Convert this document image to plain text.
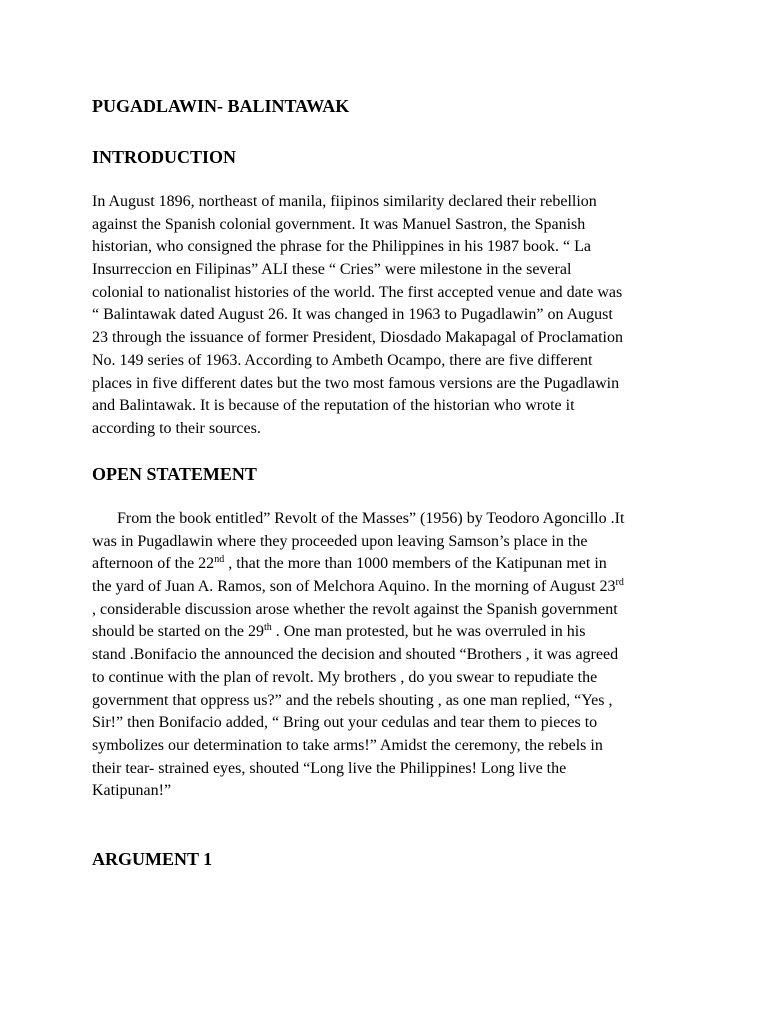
PUGADLAWIN- BALINTAWAK
INTRODUCTION
In August 1896, northeast of manila, fiipinos similarity declared their rebellion
against the Spanish colonial government. It was Manuel Sastron, the Spanish
historian, who consigned the phrase for the Philippines in his 1987 book. “ La
Insurreccion en Filipinas” ALI these “ Cries” were milestone in the several
colonial to nationalist histories of the world. The first accepted venue and date was
“ Balintawak dated August 26. It was changed in 1963 to Pugadlawin” on August
23 through the issuance of former President, Diosdado Makapagal of Proclamation
No. 149 series of 1963. According to Ambeth Ocampo, there are five different
places in five different dates but the two most famous versions are the Pugadlawin
and Balintawak. It is because of the reputation of the historian who wrote it
according to their sources.
OPEN STATEMENT
From the book entitled” Revolt of the Masses” (1956) by Teodoro Agoncillo .It
was in Pugadlawin where they proceeded upon leaving Samson’s place in the
afternoon of the 22nd , that the more than 1000 members of the Katipunan met in
the yard of Juan A. Ramos, son of Melchora Aquino. In the morning of August 23rd
, considerable discussion arose whether the revolt against the Spanish government
should be started on the 29th . One man protested, but he was overruled in his
stand .Bonifacio the announced the decision and shouted “Brothers , it was agreed
to continue with the plan of revolt. My brothers , do you swear to repudiate the
government that oppress us?” and the rebels shouting , as one man replied, “Yes ,
Sir!” then Bonifacio added, “ Bring out your cedulas and tear them to pieces to
symbolizes our determination to take arms!” Amidst the ceremony, the rebels in
their tear- strained eyes, shouted “Long live the Philippines! Long live the
Katipunan!”
ARGUMENT 1
